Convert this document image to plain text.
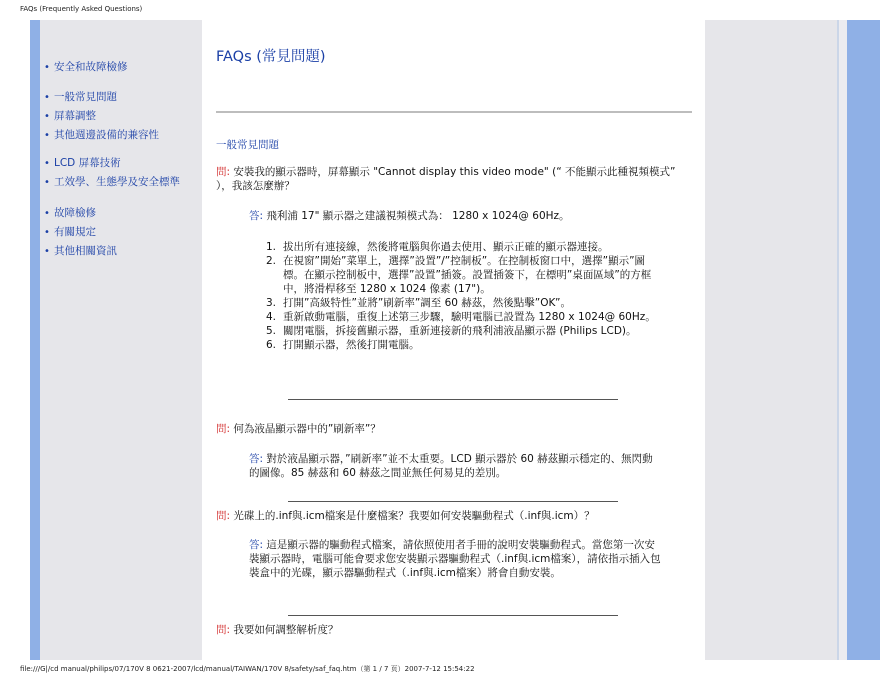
FAQs (Frequently Asked Questions)
• 安全和故障檢修
• 一般常見問題
• 屏幕調整
• 其他週邊設備的兼容性
• LCD 屏幕技術
• 工效學、生態學及安全標準
• 故障檢修
• 有關規定
• 其他相關資訊
FAQs (常見問題)
一般常見問題
問: 安裝我的顯示器時，屏幕顯示 "Cannot display this video mode" (“ 不能顯示此種視頻模式” ），我該怎麼辦？
答: 飛利浦 17" 顯示器之建議視頻模式為： 1280 x 1024@ 60Hz。
1. 拔出所有連接線，然後將電腦與你過去使用、顯示正確的顯示器連接。
2. 在視窗”開始”菜單上，選擇”設置”/”控制板”。在控制板窗口中，選擇”顯示”圖標。在顯示控制板中，選擇”設置”插簽。設置插簽下，在標明”桌面區域”的方框中，將滑桿移至 1280 x 1024 像素 (17")。
3. 打開”高級特性”並將”刷新率”調至 60 赫茲，然後點擊”OK”。
4. 重新啟動電腦，重復上述第三步驟，驗明電腦已設置為 1280 x 1024@ 60Hz。
5. 關閉電腦，拆接舊顯示器，重新連接新的飛利浦液晶顯示器 (Philips LCD)。
6. 打開顯示器，然後打開電腦。
問: 何為液晶顯示器中的”刷新率”？
答: 對於液晶顯示器，”刷新率”並不太重要。LCD 顯示器於 60 赫茲顯示穩定的、無閃動的圖像。85 赫茲和 60 赫茲之間並無任何易見的差別。
問: 光碟上的.inf與.icm檔案是什麼檔案？我要如何安裝驅動程式（.inf與.icm）？
答: 這是顯示器的驅動程式檔案，請依照使用者手冊的說明安裝驅動程式。當您第一次安裝顯示器時，電腦可能會要求您安裝顯示器驅動程式（.inf與.icm檔案），請依指示插入包裝盒中的光碟，顯示器驅動程式（.inf與.icm檔案）將會自動安裝。
問: 我要如何調整解析度？
file:///G|/cd manual/philips/07/170V 8 0621-2007/lcd/manual/TAIWAN/170V 8/safety/saf_faq.htm（第 1 / 7 页）2007-7-12 15:54:22
